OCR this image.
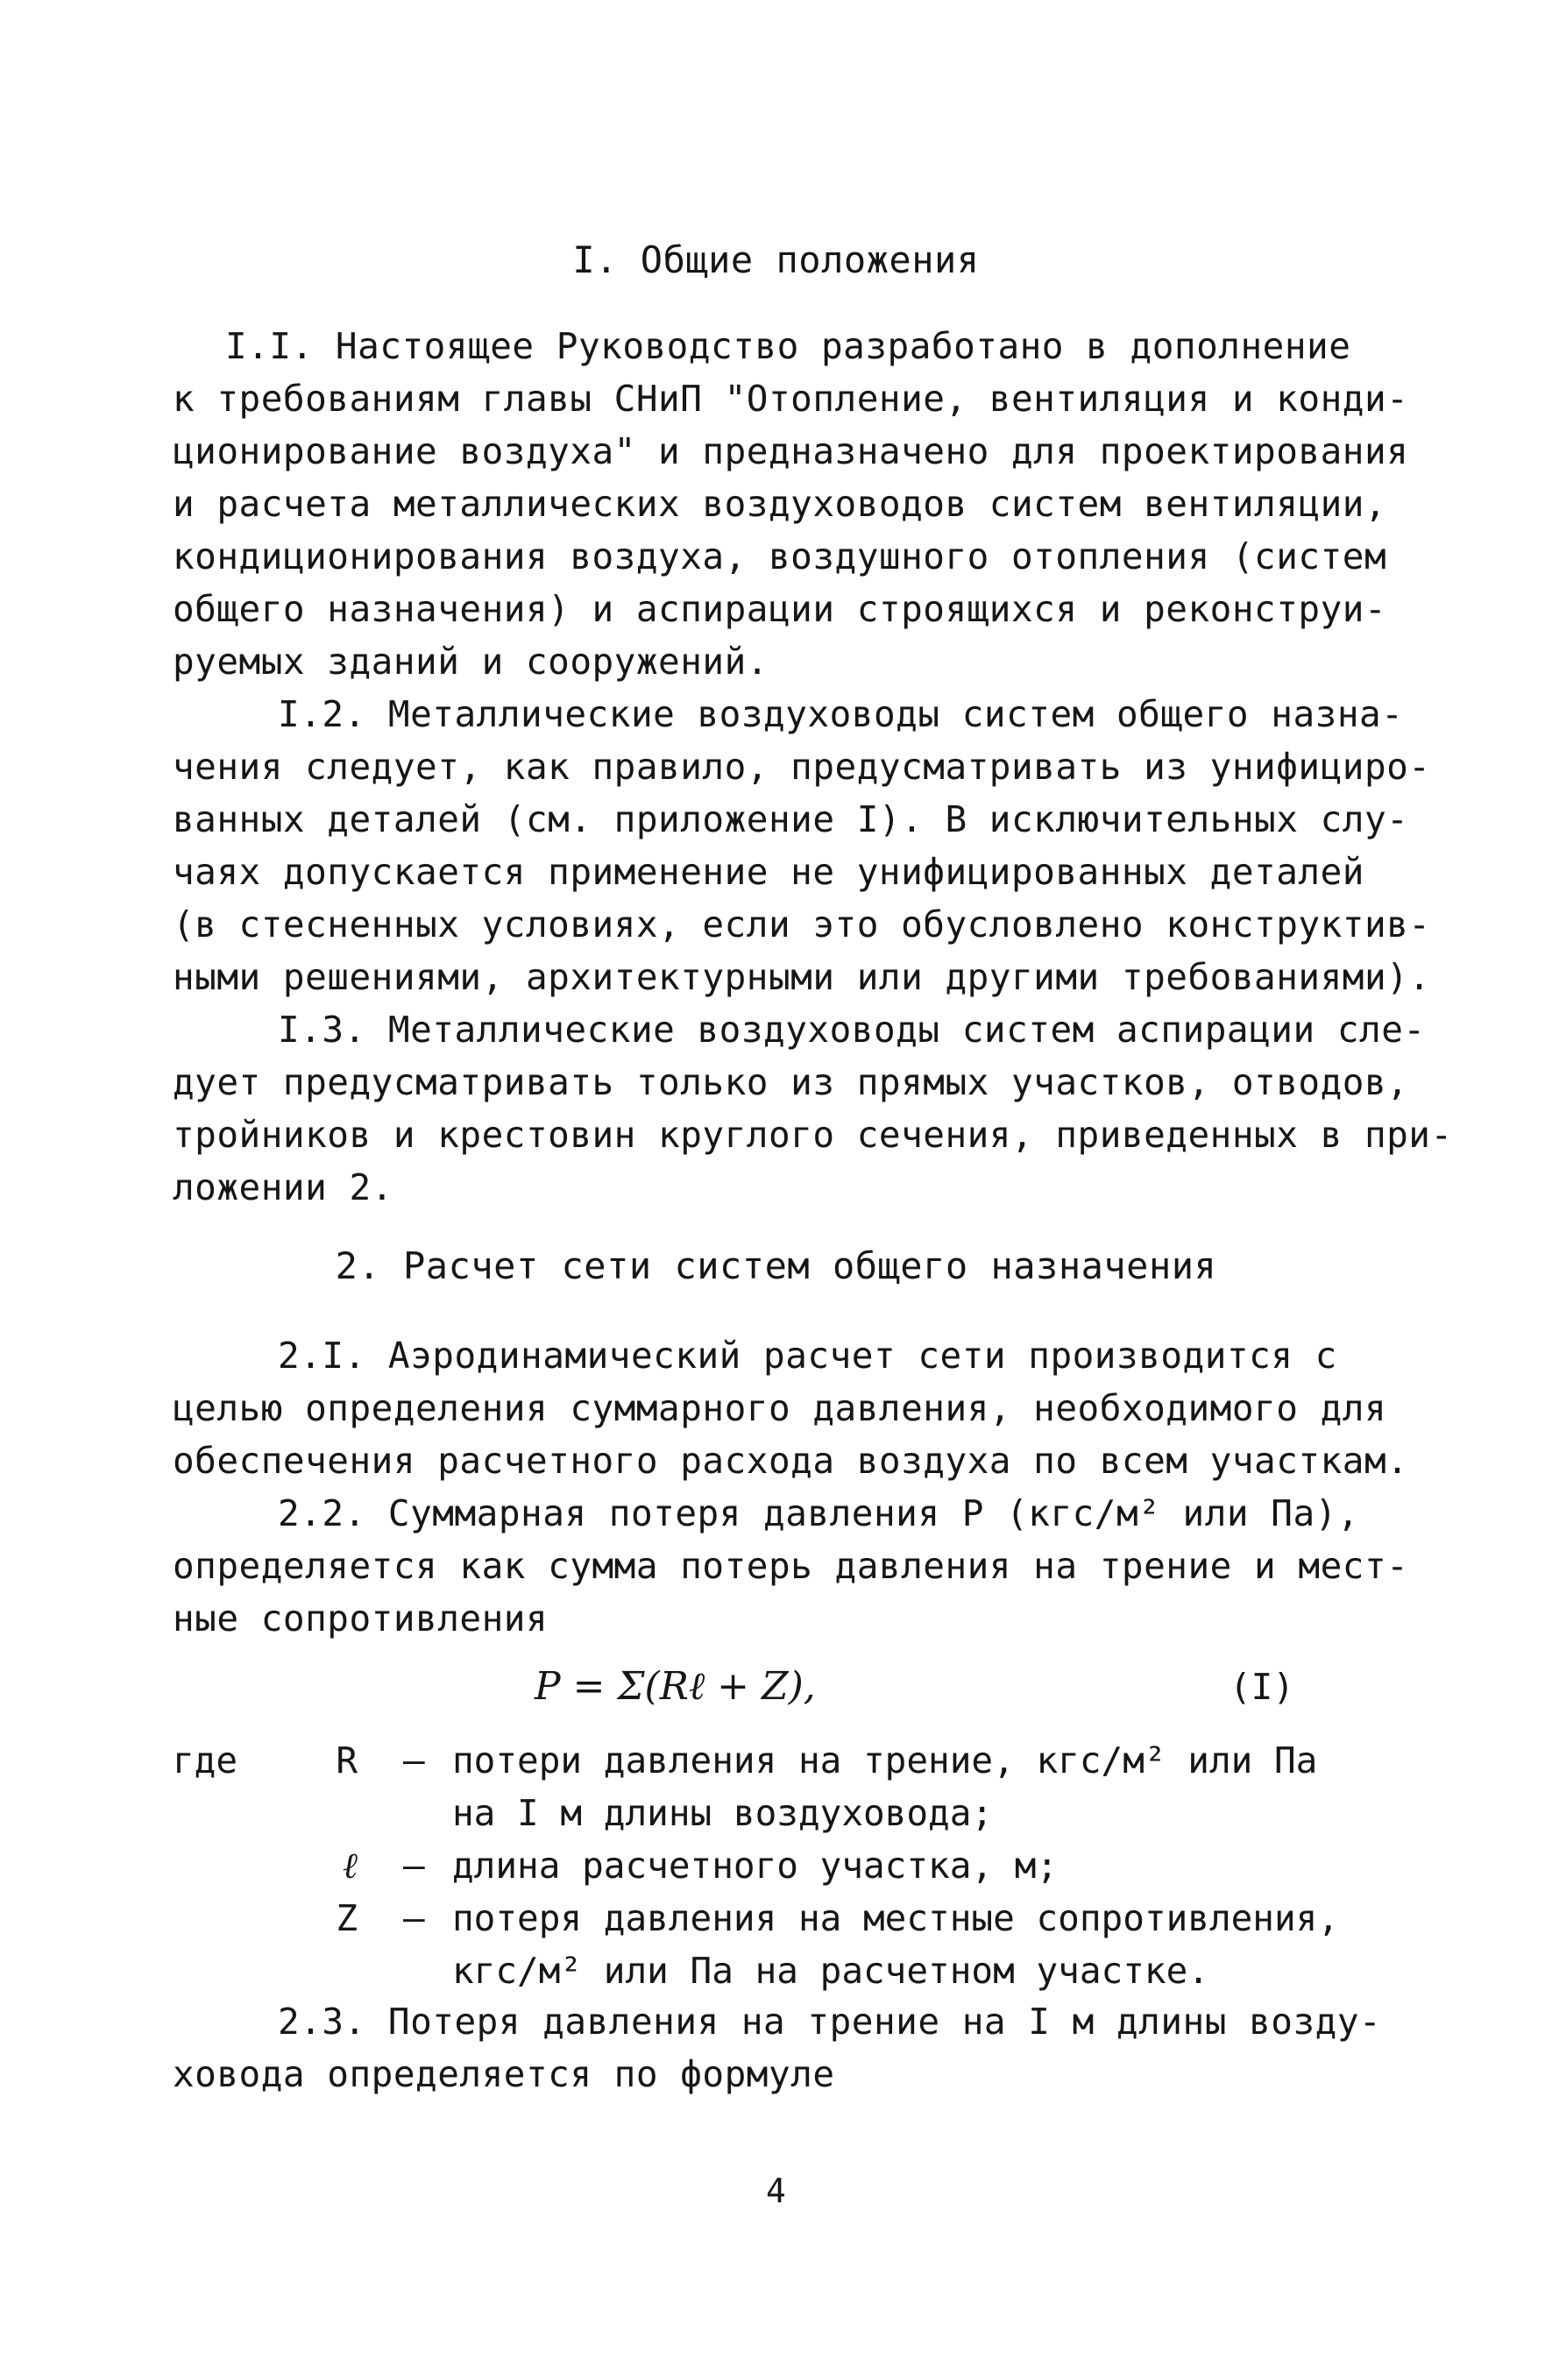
I. Общие положения
I.I. Настоящее Руководство разработано в дополнение
к требованиям главы СНиП "Отопление, вентиляция и конди-
ционирование воздуха" и предназначено для проектирования
и расчета металлических воздуховодов систем вентиляции,
кондиционирования воздуха, воздушного отопления (систем
общего назначения) и аспирации строящихся и реконструи-
руемых зданий и сооружений.
I.2. Металлические воздуховоды систем общего назна-
чения следует, как правило, предусматривать из унифициро-
ванных деталей (см. приложение I). В исключительных слу-
чаях допускается применение не унифицированных деталей
(в стесненных условиях, если это обусловлено конструктив-
ными решениями, архитектурными или другими требованиями).
I.3. Металлические воздуховоды систем аспирации сле-
дует предусматривать только из прямых участков, отводов,
тройников и крестовин круглого сечения, приведенных в при-
ложении 2.
2. Расчет сети систем общего назначения
2.I. Аэродинамический расчет сети производится с
целью определения суммарного давления, необходимого для
обеспечения расчетного расхода воздуха по всем участкам.
2.2. Суммарная потеря давления Р (кгс/м² или Па),
определяется как сумма потерь давления на трение и мест-
ные сопротивления
P = Σ(Rℓ + Z),	(I)
где	R – потери давления на трение, кгс/м² или Па
на I м длины воздуховода;
ℓ – длина расчетного участка, м;
Z – потеря давления на местные сопротивления,
кгс/м² или Па на расчетном участке.
2.3. Потеря давления на трение на I м длины возду-
ховода определяется по формуле
4
